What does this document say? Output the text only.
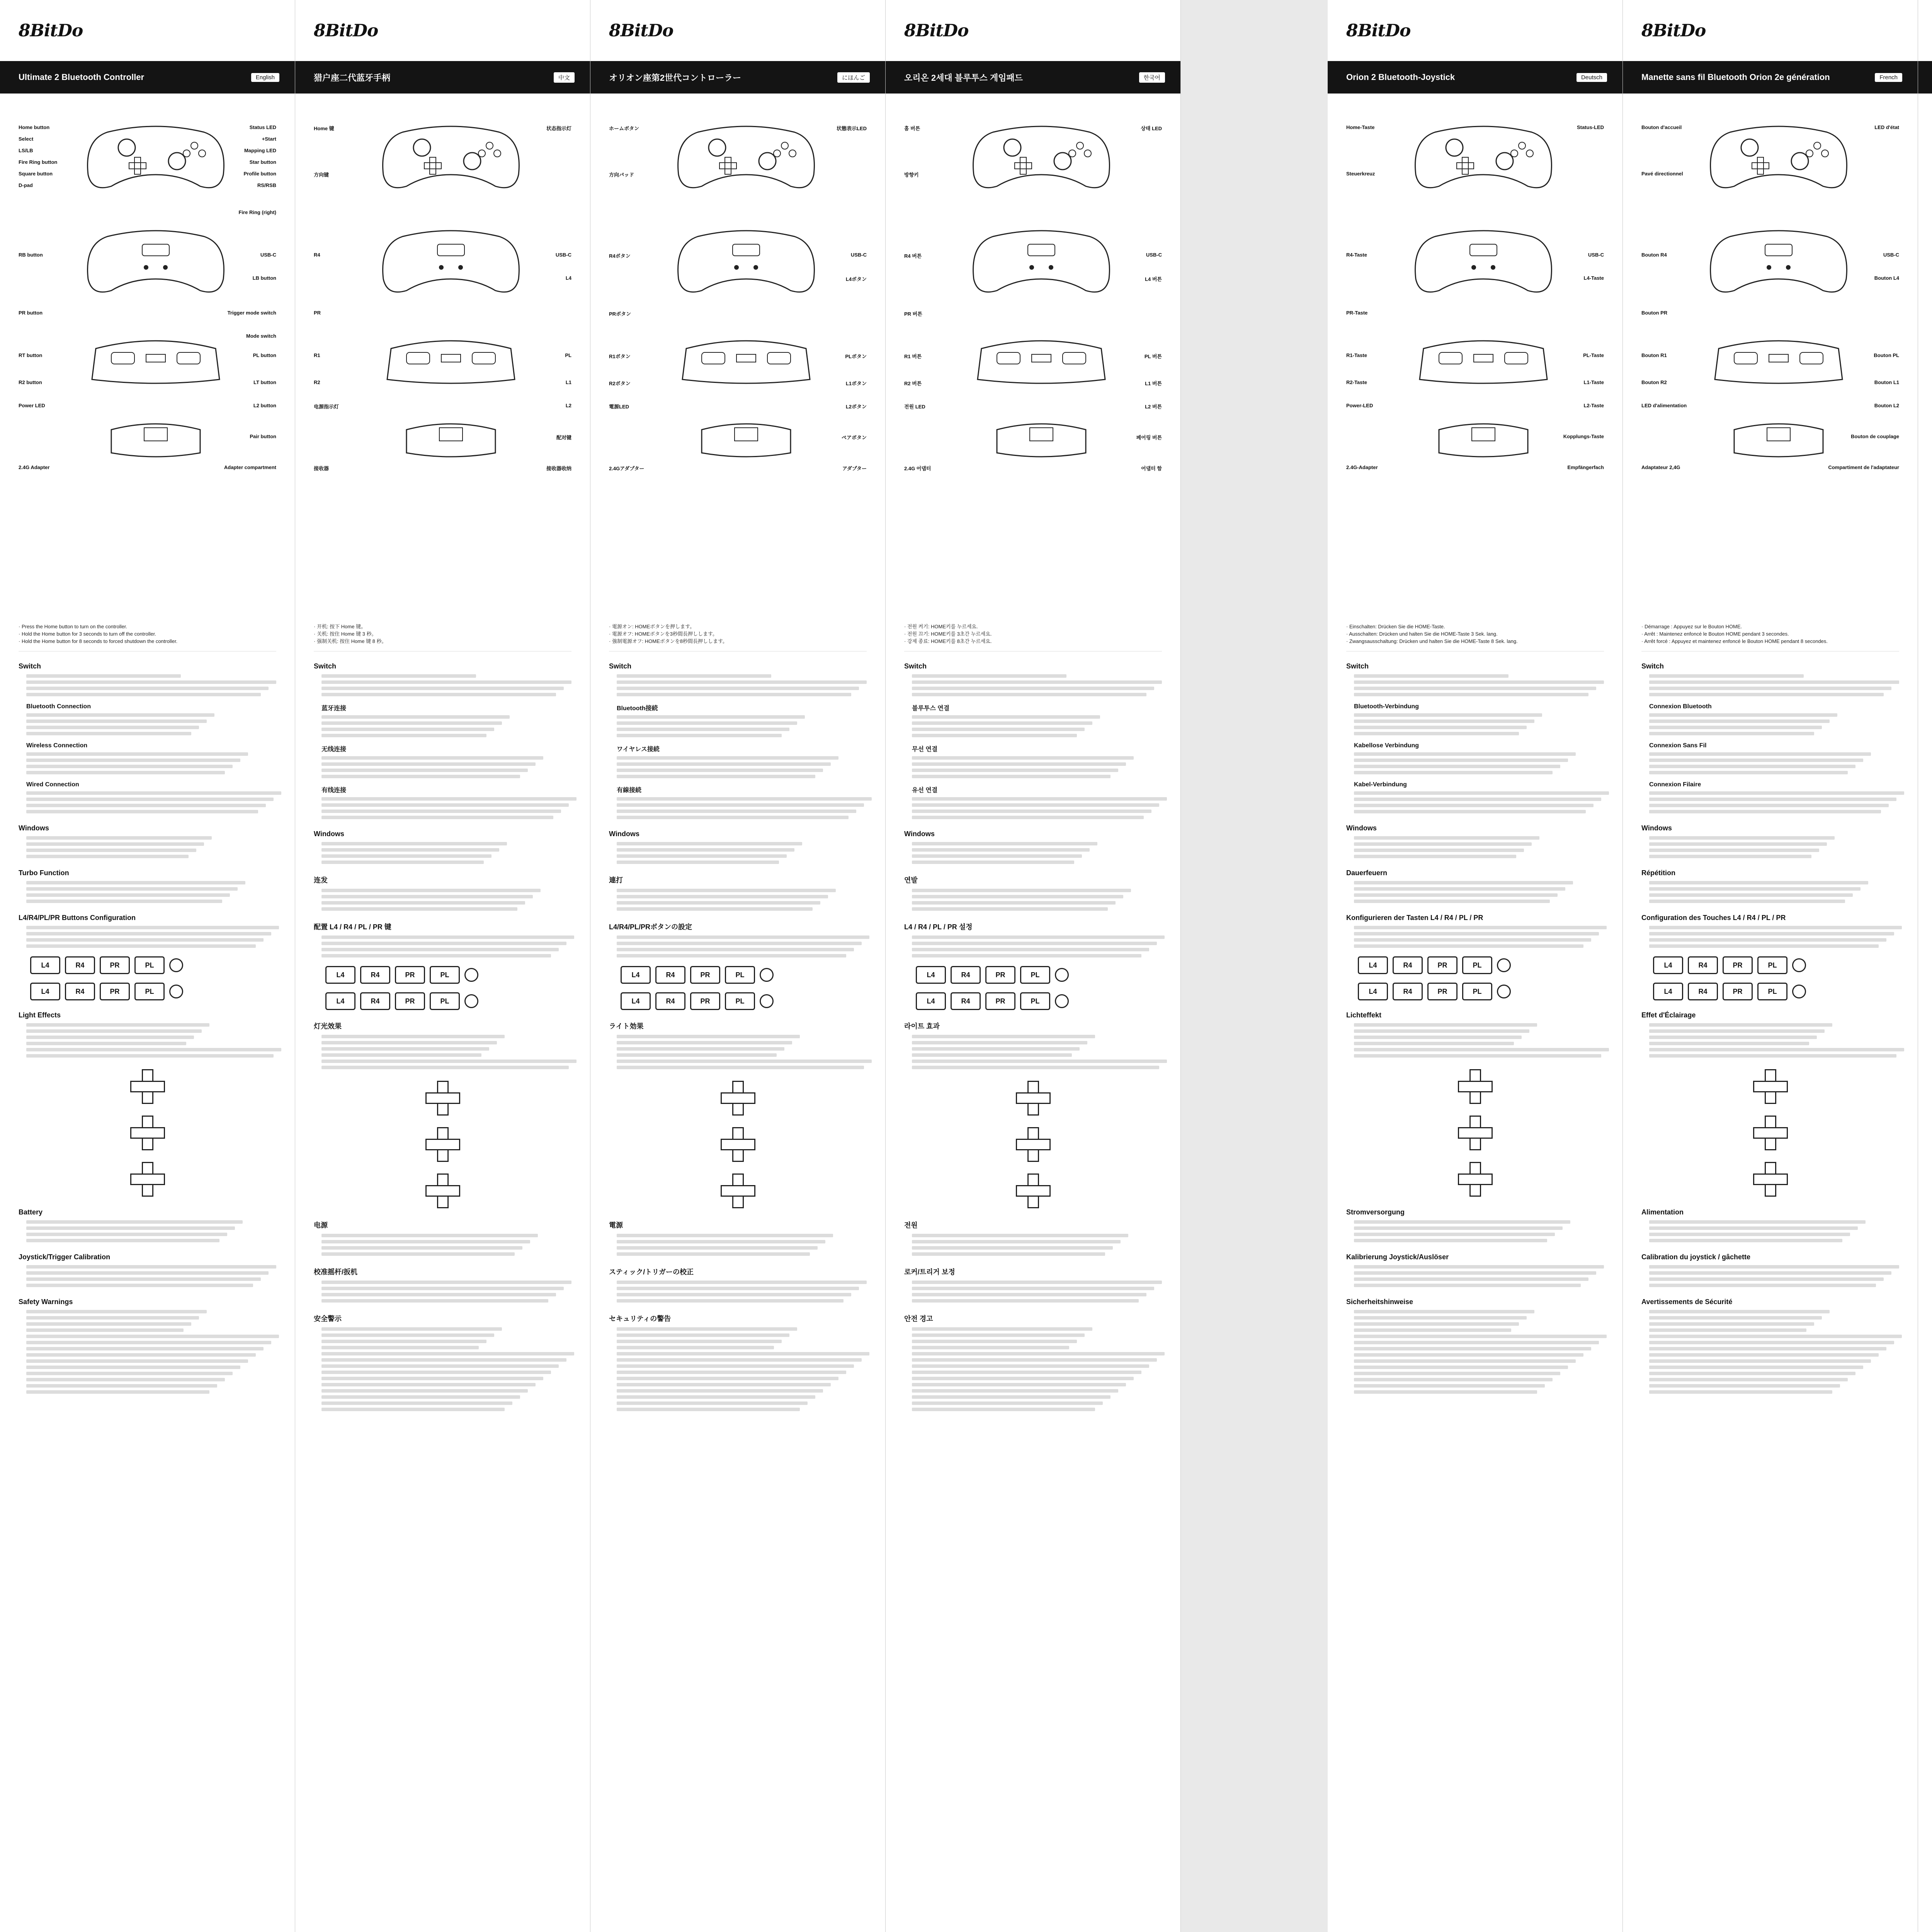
8BitDo
Ultimate 2 Bluetooth Controller	English
Home button
Select
LS/LB
Fire Ring button
Square button
D-pad
RB button
PR button
RT button
R2 button
Power LED
2.4G Adapter
Status LED
+Start
Mapping LED
Star button
Profile button
RS/RSB
Fire Ring (right)
USB-C
LB button
Trigger mode switch
Mode switch
PL button
LT button
L2 button
Pair button
Adapter compartment
· Press the Home button to turn on the controller.
· Hold the Home button for 3 seconds to turn off the controller.
· Hold the Home button for 8 seconds to forced shutdown the controller.
Switch
Bluetooth Connection
Wireless Connection
Wired Connection
Windows
Turbo Function
L4/R4/PL/PR Buttons Configuration
L4	R4	PR	PL
L4	R4	PR	PL
Light Effects
Battery
Joystick/Trigger Calibration
Safety Warnings
8BitDo
猎户座二代蓝牙手柄	中文
Home 键
方向键
R4
PR
R1
R2
电源指示灯
接收器
状态指示灯
USB-C
L4
PL
L1
L2
配对键
接收器收纳
· 开机: 按下 Home 键。
· 关机: 按住 Home 键 3 秒。
· 强制关机: 按住 Home 键 8 秒。
Switch
蓝牙连接
无线连接
有线连接
Windows
连发
配置 L4 / R4 / PL / PR 键
L4	R4	PR	PL
L4	R4	PR	PL
灯光效果
电源
校准摇杆/扳机
安全警示
8BitDo
オリオン座第2世代コントローラー	にほんご
ホームボタン
方向パッド
R4ボタン
PRボタン
R1ボタン
R2ボタン
電源LED
2.4Gアダプター
状態表示LED
USB-C
L4ボタン
PLボタン
L1ボタン
L2ボタン
ペアボタン
アダプター
· 電源オン: HOMEボタンを押します。
· 電源オフ: HOMEボタンを3秒間長押しします。
· 強制電源オフ: HOMEボタンを8秒間長押しします。
Switch
Bluetooth接続
ワイヤレス接続
有線接続
Windows
連打
L4/R4/PL/PRボタンの設定
L4	R4	PR	PL
L4	R4	PR	PL
ライト効果
電源
スティック/トリガーの校正
セキュリティの警告
8BitDo
오리온 2세대 블루투스 게임패드	한국어
홈 버튼
방향키
R4 버튼
PR 버튼
R1 버튼
R2 버튼
전원 LED
2.4G 어댑터
상태 LED
USB-C
L4 버튼
PL 버튼
L1 버튼
L2 버튼
페어링 버튼
어댑터 함
· 전원 켜기: HOME키를 누르세요.
· 전원 끄기: HOME키를 3초간 누르세요.
· 강제 종료: HOME키를 8초간 누르세요.
Switch
블루투스 연결
무선 연결
유선 연결
Windows
연발
L4 / R4 / PL / PR 설정
L4	R4	PR	PL
L4	R4	PR	PL
라이트 효과
전원
로커/트리거 보정
안전 경고
8BitDo
Orion 2 Bluetooth-Joystick	Deutsch
Home-Taste
Steuerkreuz
R4-Taste
PR-Taste
R1-Taste
R2-Taste
Power-LED
2.4G-Adapter
Status-LED
USB-C
L4-Taste
PL-Taste
L1-Taste
L2-Taste
Kopplungs-Taste
Empfängerfach
· Einschalten: Drücken Sie die HOME-Taste.
· Ausschalten: Drücken und halten Sie die HOME-Taste 3 Sek. lang.
· Zwangsausschaltung: Drücken und halten Sie die HOME-Taste 8 Sek. lang.
Switch
Bluetooth-Verbindung
Kabellose Verbindung
Kabel-Verbindung
Windows
Dauerfeuern
Konfigurieren der Tasten L4 / R4 / PL / PR
L4	R4	PR	PL
L4	R4	PR	PL
Lichteffekt
Stromversorgung
Kalibrierung Joystick/Auslöser
Sicherheitshinweise
8BitDo
Manette sans fil Bluetooth Orion 2e génération	French
Bouton d'accueil
Pavé directionnel
Bouton R4
Bouton PR
Bouton R1
Bouton R2
LED d'alimentation
Adaptateur 2,4G
LED d'état
USB-C
Bouton L4
Bouton PL
Bouton L1
Bouton L2
Bouton de couplage
Compartiment de l'adaptateur
· Démarrage : Appuyez sur le Bouton HOME.
· Arrêt : Maintenez enfoncé le Bouton HOME pendant 3 secondes.
· Arrêt forcé : Appuyez et maintenez enfoncé le Bouton HOME pendant 8 secondes.
Switch
Connexion Bluetooth
Connexion Sans Fil
Connexion Filaire
Windows
Répétition
Configuration des Touches L4 / R4 / PL / PR
L4	R4	PR	PL
L4	R4	PR	PL
Effet d'Éclairage
Alimentation
Calibration du joystick / gâchette
Avertissements de Sécurité
